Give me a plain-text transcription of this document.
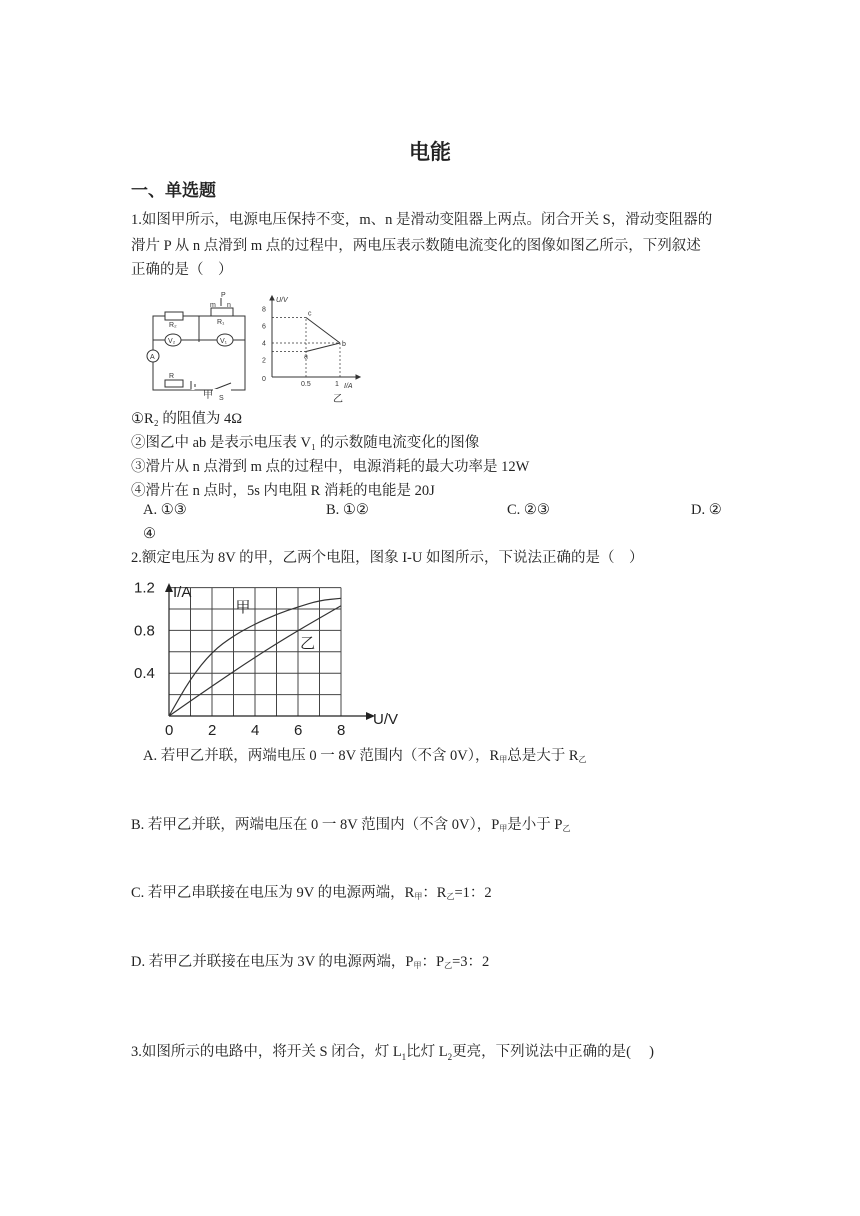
电能
一、单选题
1.如图甲所示，电源电压保持不变，m、n 是滑动变阻器上两点。闭合开关 S，滑动变阻器的
滑片 P 从 n 点滑到 m 点的过程中，两电压表示数随电流变化的图像如图乙所示，下列叙述
正确的是（　）
R₂	R₁
V₂	V₁
A
R
S
P
m n
甲
U/V
I/A
0
8
6
4
2
0.5	1
c
a
b
乙
①R₂ 的阻值为 4Ω
②图乙中 ab 是表示电压表 V₁ 的示数随电流变化的图像
③滑片从 n 点滑到 m 点的过程中，电源消耗的最大功率是 12W
④滑片在 n 点时，5s 内电阻 R 消耗的电能是 20J
A. ①③	B. ①②	C. ②③	D. ②
④
2.额定电压为 8V 的甲，乙两个电阻，图象 I-U 如图所示，下说法正确的是（　）
I/A
U/V
0 2 4 6 8
0.4
0.8
1.2
甲
乙
A. 若甲乙并联，两端电压 0 一 8V 范围内（不含 0V），$R_甲$总是大于 $R_乙$
B. 若甲乙并联，两端电压在 0 一 8V 范围内（不含 0V），$P_甲$是小于 $P_乙$
C. 若甲乙串联接在电压为 9V 的电源两端，$R_甲$：$R_乙=1$：2
D. 若甲乙并联接在电压为 3V 的电源两端，$P_甲$：$P_乙=3$：2
3.如图所示的电路中，将开关 S 闭合，灯 $L_1$比灯 $L_2$更亮，下列说法中正确的是(　 )
